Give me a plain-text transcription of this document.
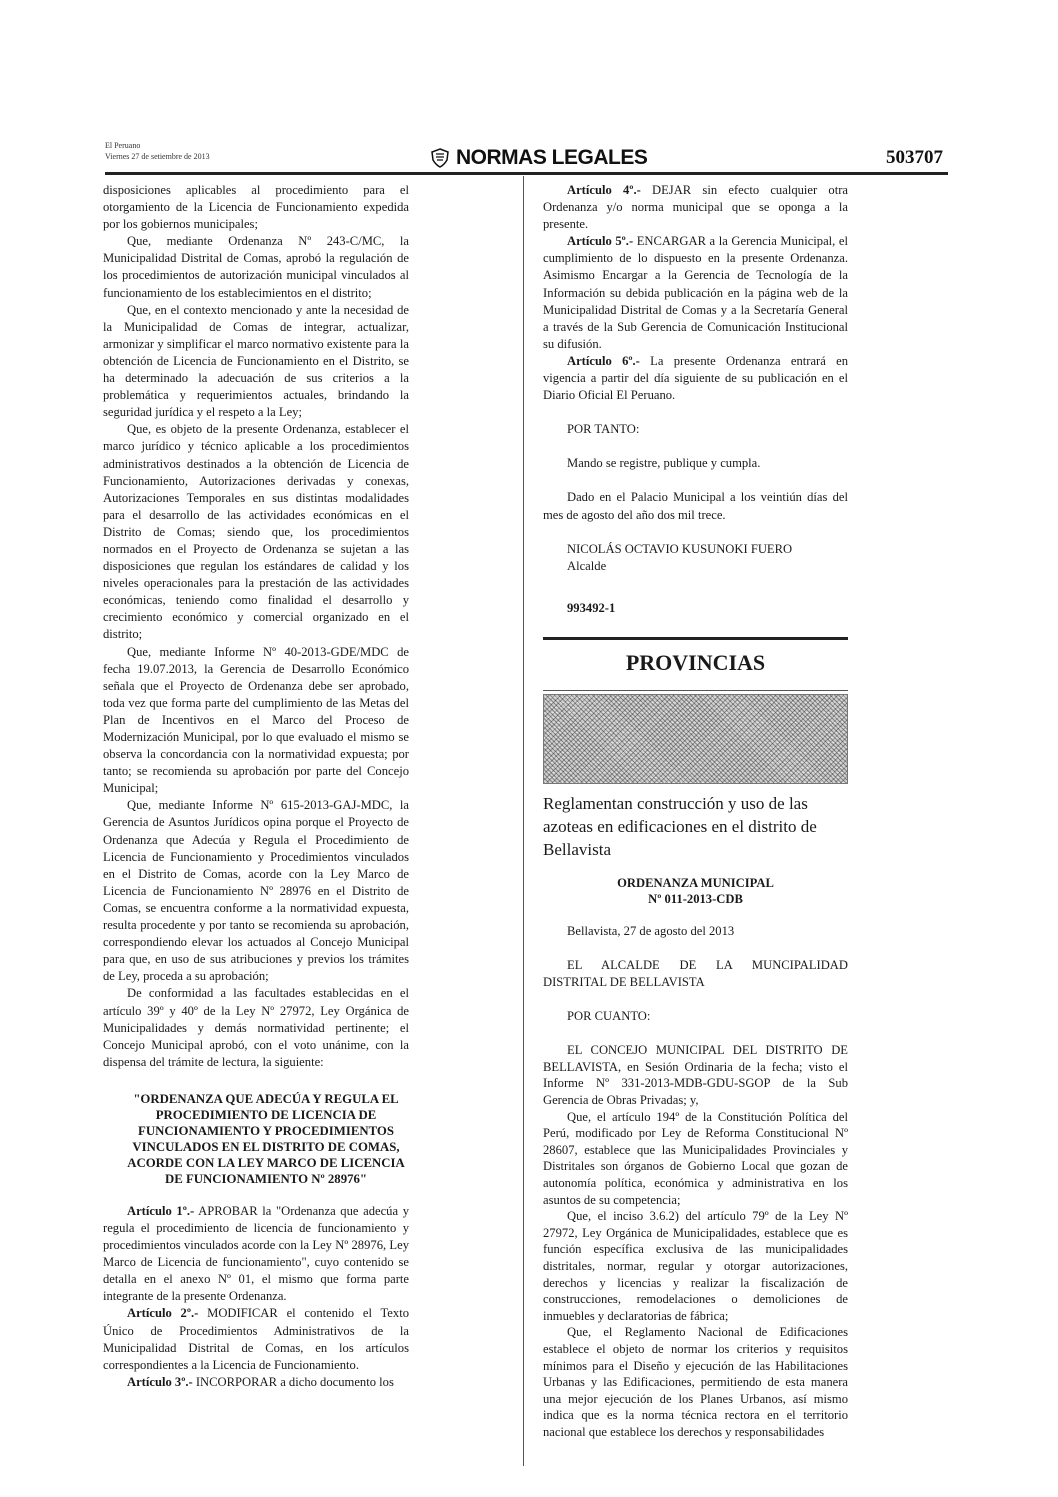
El Peruano
Viernes 27 de setiembre de 2013	NORMAS LEGALES	503707

disposiciones aplicables al procedimiento para el otorgamiento de la Licencia de Funcionamiento expedida por los gobiernos municipales;

Que, mediante Ordenanza Nº 243-C/MC, la Municipalidad Distrital de Comas, aprobó la regulación de los procedimientos de autorización municipal vinculados al funcionamiento de los establecimientos en el distrito;

Que, en el contexto mencionado y ante la necesidad de la Municipalidad de Comas de integrar, actualizar, armonizar y simplificar el marco normativo existente para la obtención de Licencia de Funcionamiento en el Distrito, se ha determinado la adecuación de sus criterios a la problemática y requerimientos actuales, brindando la seguridad jurídica y el respeto a la Ley;

Que, es objeto de la presente Ordenanza, establecer el marco jurídico y técnico aplicable a los procedimientos administrativos destinados a la obtención de Licencia de Funcionamiento, Autorizaciones derivadas y conexas, Autorizaciones Temporales en sus distintas modalidades para el desarrollo de las actividades económicas en el Distrito de Comas; siendo que, los procedimientos normados en el Proyecto de Ordenanza se sujetan a las disposiciones que regulan los estándares de calidad y los niveles operacionales para la prestación de las actividades económicas, teniendo como finalidad el desarrollo y crecimiento económico y comercial organizado en el distrito;

Que, mediante Informe Nº 40-2013-GDE/MDC de fecha 19.07.2013, la Gerencia de Desarrollo Económico señala que el Proyecto de Ordenanza debe ser aprobado, toda vez que forma parte del cumplimiento de las Metas del Plan de Incentivos en el Marco del Proceso de Modernización Municipal, por lo que evaluado el mismo se observa la concordancia con la normatividad expuesta; por tanto; se recomienda su aprobación por parte del Concejo Municipal;

Que, mediante Informe Nº 615-2013-GAJ-MDC, la Gerencia de Asuntos Jurídicos opina porque el Proyecto de Ordenanza que Adecúa y Regula el Procedimiento de Licencia de Funcionamiento y Procedimientos vinculados en el Distrito de Comas, acorde con la Ley Marco de Licencia de Funcionamiento Nº 28976 en el Distrito de Comas, se encuentra conforme a la normatividad expuesta, resulta procedente y por tanto se recomienda su aprobación, correspondiendo elevar los actuados al Concejo Municipal para que, en uso de sus atribuciones y previos los trámites de Ley, proceda a su aprobación;

De conformidad a las facultades establecidas en el artículo 39º y 40º de la Ley Nº 27972, Ley Orgánica de Municipalidades y demás normatividad pertinente; el Concejo Municipal aprobó, con el voto unánime, con la dispensa del trámite de lectura, la siguiente:

"ORDENANZA QUE ADECÚA Y REGULA EL PROCEDIMIENTO DE LICENCIA DE FUNCIONAMIENTO Y PROCEDIMIENTOS VINCULADOS EN EL DISTRITO DE COMAS, ACORDE CON LA LEY MARCO DE LICENCIA DE FUNCIONAMIENTO Nº 28976"

Artículo 1º.- APROBAR la "Ordenanza que adecúa y regula el procedimiento de licencia de funcionamiento y procedimientos vinculados acorde con la Ley Nº 28976, Ley Marco de Licencia de funcionamiento", cuyo contenido se detalla en el anexo Nº 01, el mismo que forma parte integrante de la presente Ordenanza.

Artículo 2º.- MODIFICAR el contenido el Texto Único de Procedimientos Administrativos de la Municipalidad Distrital de Comas, en los artículos correspondientes a la Licencia de Funcionamiento.

Artículo 3º.- INCORPORAR a dicho documento los

Artículo 4º.- DEJAR sin efecto cualquier otra Ordenanza y/o norma municipal que se oponga a la presente.

Artículo 5º.- ENCARGAR a la Gerencia Municipal, el cumplimiento de lo dispuesto en la presente Ordenanza. Asimismo Encargar a la Gerencia de Tecnología de la Información su debida publicación en la página web de la Municipalidad Distrital de Comas y a la Secretaría General a través de la Sub Gerencia de Comunicación Institucional su difusión.

Artículo 6º.- La presente Ordenanza entrará en vigencia a partir del día siguiente de su publicación en el Diario Oficial El Peruano.

POR TANTO:

Mando se registre, publique y cumpla.

Dado en el Palacio Municipal a los veintiún días del mes de agosto del año dos mil trece.

NICOLÁS OCTAVIO KUSUNOKI FUERO

Alcalde

993492-1

PROVINCIAS

Reglamentan construcción y uso de las azoteas en edificaciones en el distrito de Bellavista

ORDENANZA MUNICIPAL
Nº 011-2013-CDB

Bellavista, 27 de agosto del 2013

EL ALCALDE DE LA MUNCIPALIDAD DISTRITAL DE BELLAVISTA

POR CUANTO:

EL CONCEJO MUNICIPAL DEL DISTRITO DE BELLAVISTA, en Sesión Ordinaria de la fecha; visto el Informe Nº 331-2013-MDB-GDU-SGOP de la Sub Gerencia de Obras Privadas; y,

Que, el artículo 194º de la Constitución Política del Perú, modificado por Ley de Reforma Constitucional Nº 28607, establece que las Municipalidades Provinciales y Distritales son órganos de Gobierno Local que gozan de autonomía política, económica y administrativa en los asuntos de su competencia;

Que, el inciso 3.6.2) del artículo 79º de la Ley Nº 27972, Ley Orgánica de Municipalidades, establece que es función específica exclusiva de las municipalidades distritales, normar, regular y otorgar autorizaciones, derechos y licencias y realizar la fiscalización de construcciones, remodelaciones o demoliciones de inmuebles y declaratorias de fábrica;

Que, el Reglamento Nacional de Edificaciones establece el objeto de normar los criterios y requisitos mínimos para el Diseño y ejecución de las Habilitaciones Urbanas y las Edificaciones, permitiendo de esta manera una mejor ejecución de los Planes Urbanos, así mismo indica que es la norma técnica rectora en el territorio nacional que establece los derechos y responsabilidades
